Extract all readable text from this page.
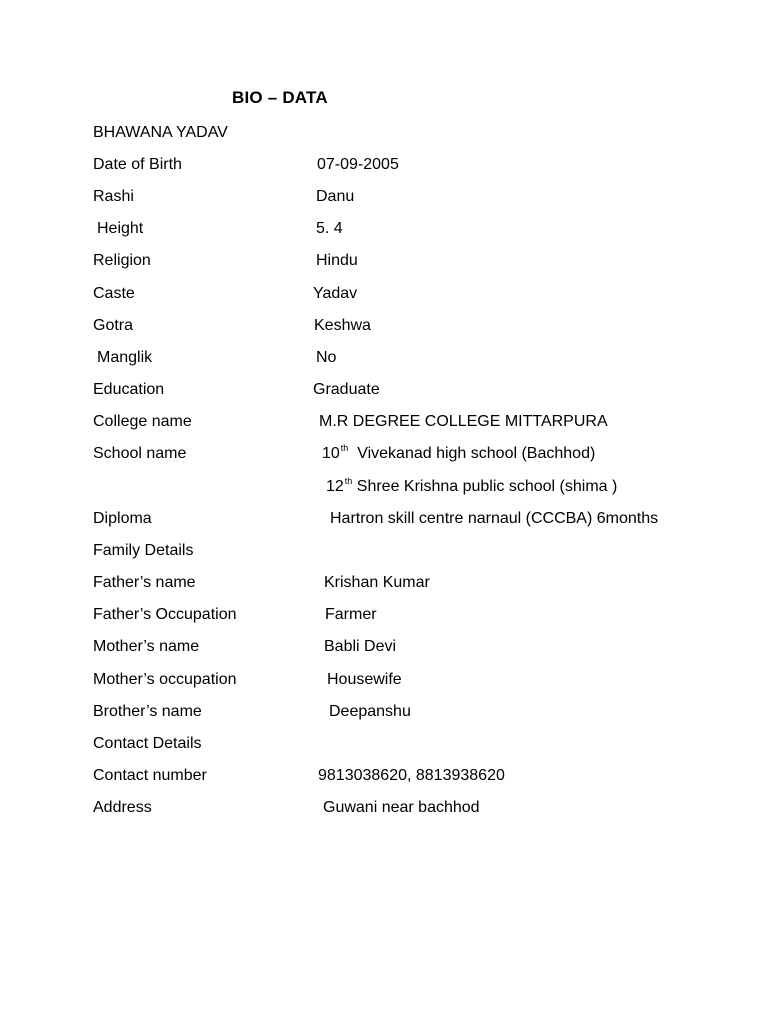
BIO – DATA
BHAWANA YADAV
Date of Birth	07-09-2005
Rashi	Danu
Height	5. 4
Religion	Hindu
Caste	Yadav
Gotra	Keshwa
Manglik	No
Education	Graduate
College name	M.R DEGREE COLLEGE MITTARPURA
School name	10th Vivekanad high school (Bachhod)
12th Shree Krishna public school (shima )
Diploma	Hartron skill centre narnaul (CCCBA) 6months
Family Details
Father’s name	Krishan Kumar
Father’s Occupation	Farmer
Mother’s name	Babli Devi
Mother’s occupation	Housewife
Brother’s name	Deepanshu
Contact Details
Contact number	9813038620, 8813938620
Address	Guwani near bachhod
